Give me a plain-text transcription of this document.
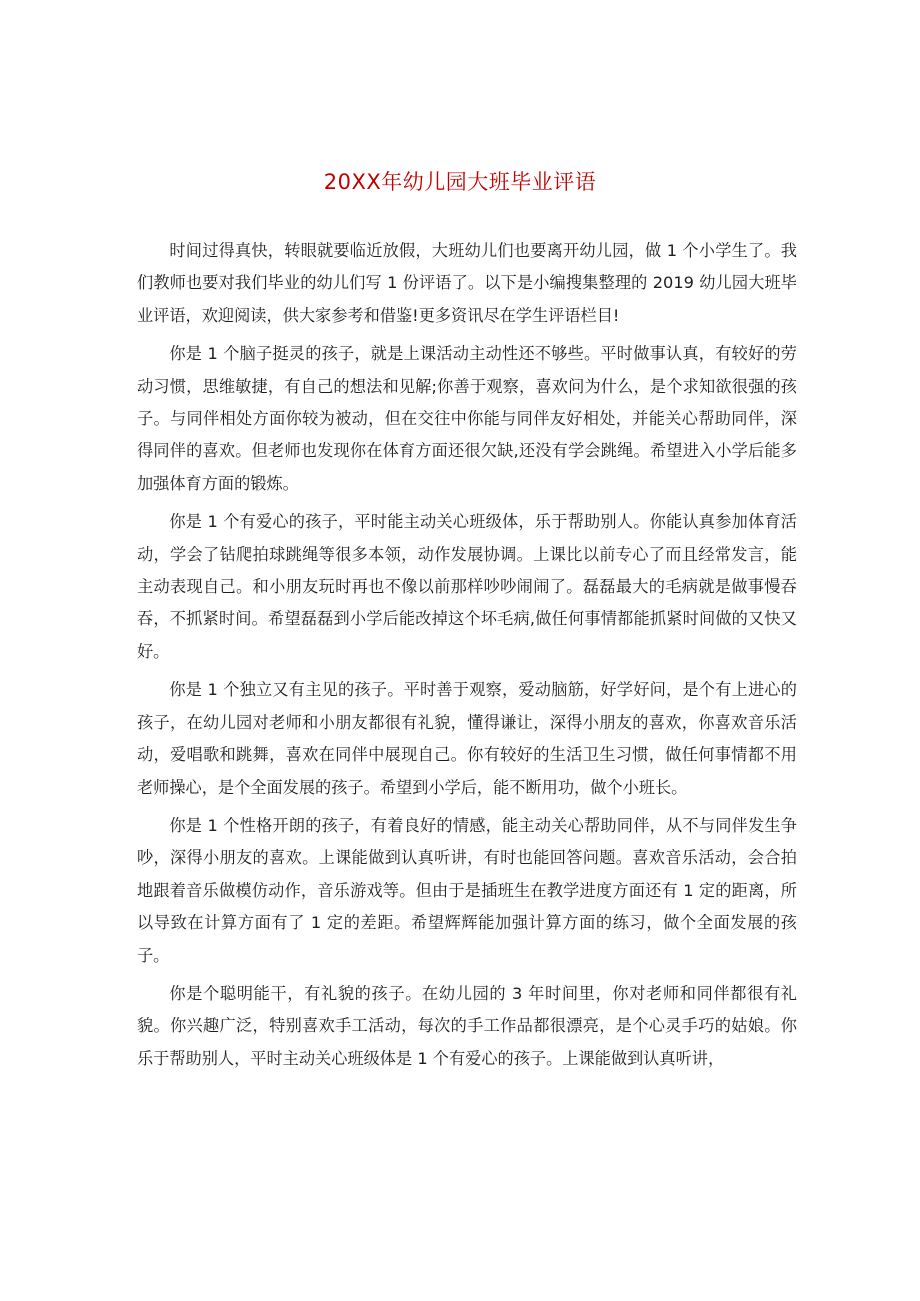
20XX年幼儿园大班毕业评语

时间过得真快，转眼就要临近放假，大班幼儿们也要离开幼儿园，做 1 个小学生了。我们教师也要对我们毕业的幼儿们写 1 份评语了。以下是小编搜集整理的 2019 幼儿园大班毕业评语，欢迎阅读，供大家参考和借鉴!更多资讯尽在学生评语栏目!

你是 1 个脑子挺灵的孩子，就是上课活动主动性还不够些。平时做事认真，有较好的劳动习惯，思维敏捷，有自己的想法和见解;你善于观察，喜欢问为什么，是个求知欲很强的孩子。与同伴相处方面你较为被动，但在交往中你能与同伴友好相处，并能关心帮助同伴，深得同伴的喜欢。但老师也发现你在体育方面还很欠缺,还没有学会跳绳。希望进入小学后能多加强体育方面的锻炼。

你是 1 个有爱心的孩子，平时能主动关心班级体，乐于帮助别人。你能认真参加体育活动，学会了钻爬拍球跳绳等很多本领，动作发展协调。上课比以前专心了而且经常发言，能主动表现自己。和小朋友玩时再也不像以前那样吵吵闹闹了。磊磊最大的毛病就是做事慢吞吞，不抓紧时间。希望磊磊到小学后能改掉这个坏毛病,做任何事情都能抓紧时间做的又快又好。

你是 1 个独立又有主见的孩子。平时善于观察，爱动脑筋，好学好问，是个有上进心的孩子，在幼儿园对老师和小朋友都很有礼貌，懂得谦让，深得小朋友的喜欢，你喜欢音乐活动，爱唱歌和跳舞，喜欢在同伴中展现自己。你有较好的生活卫生习惯，做任何事情都不用老师操心，是个全面发展的孩子。希望到小学后，能不断用功，做个小班长。

你是 1 个性格开朗的孩子，有着良好的情感，能主动关心帮助同伴，从不与同伴发生争吵，深得小朋友的喜欢。上课能做到认真听讲，有时也能回答问题。喜欢音乐活动，会合拍地跟着音乐做模仿动作，音乐游戏等。但由于是插班生在教学进度方面还有 1 定的距离，所以导致在计算方面有了 1 定的差距。希望辉辉能加强计算方面的练习，做个全面发展的孩子。

你是个聪明能干，有礼貌的孩子。在幼儿园的 3 年时间里，你对老师和同伴都很有礼貌。你兴趣广泛，特别喜欢手工活动，每次的手工作品都很漂亮，是个心灵手巧的姑娘。你乐于帮助别人，平时主动关心班级体是 1 个有爱心的孩子。上课能做到认真听讲，
